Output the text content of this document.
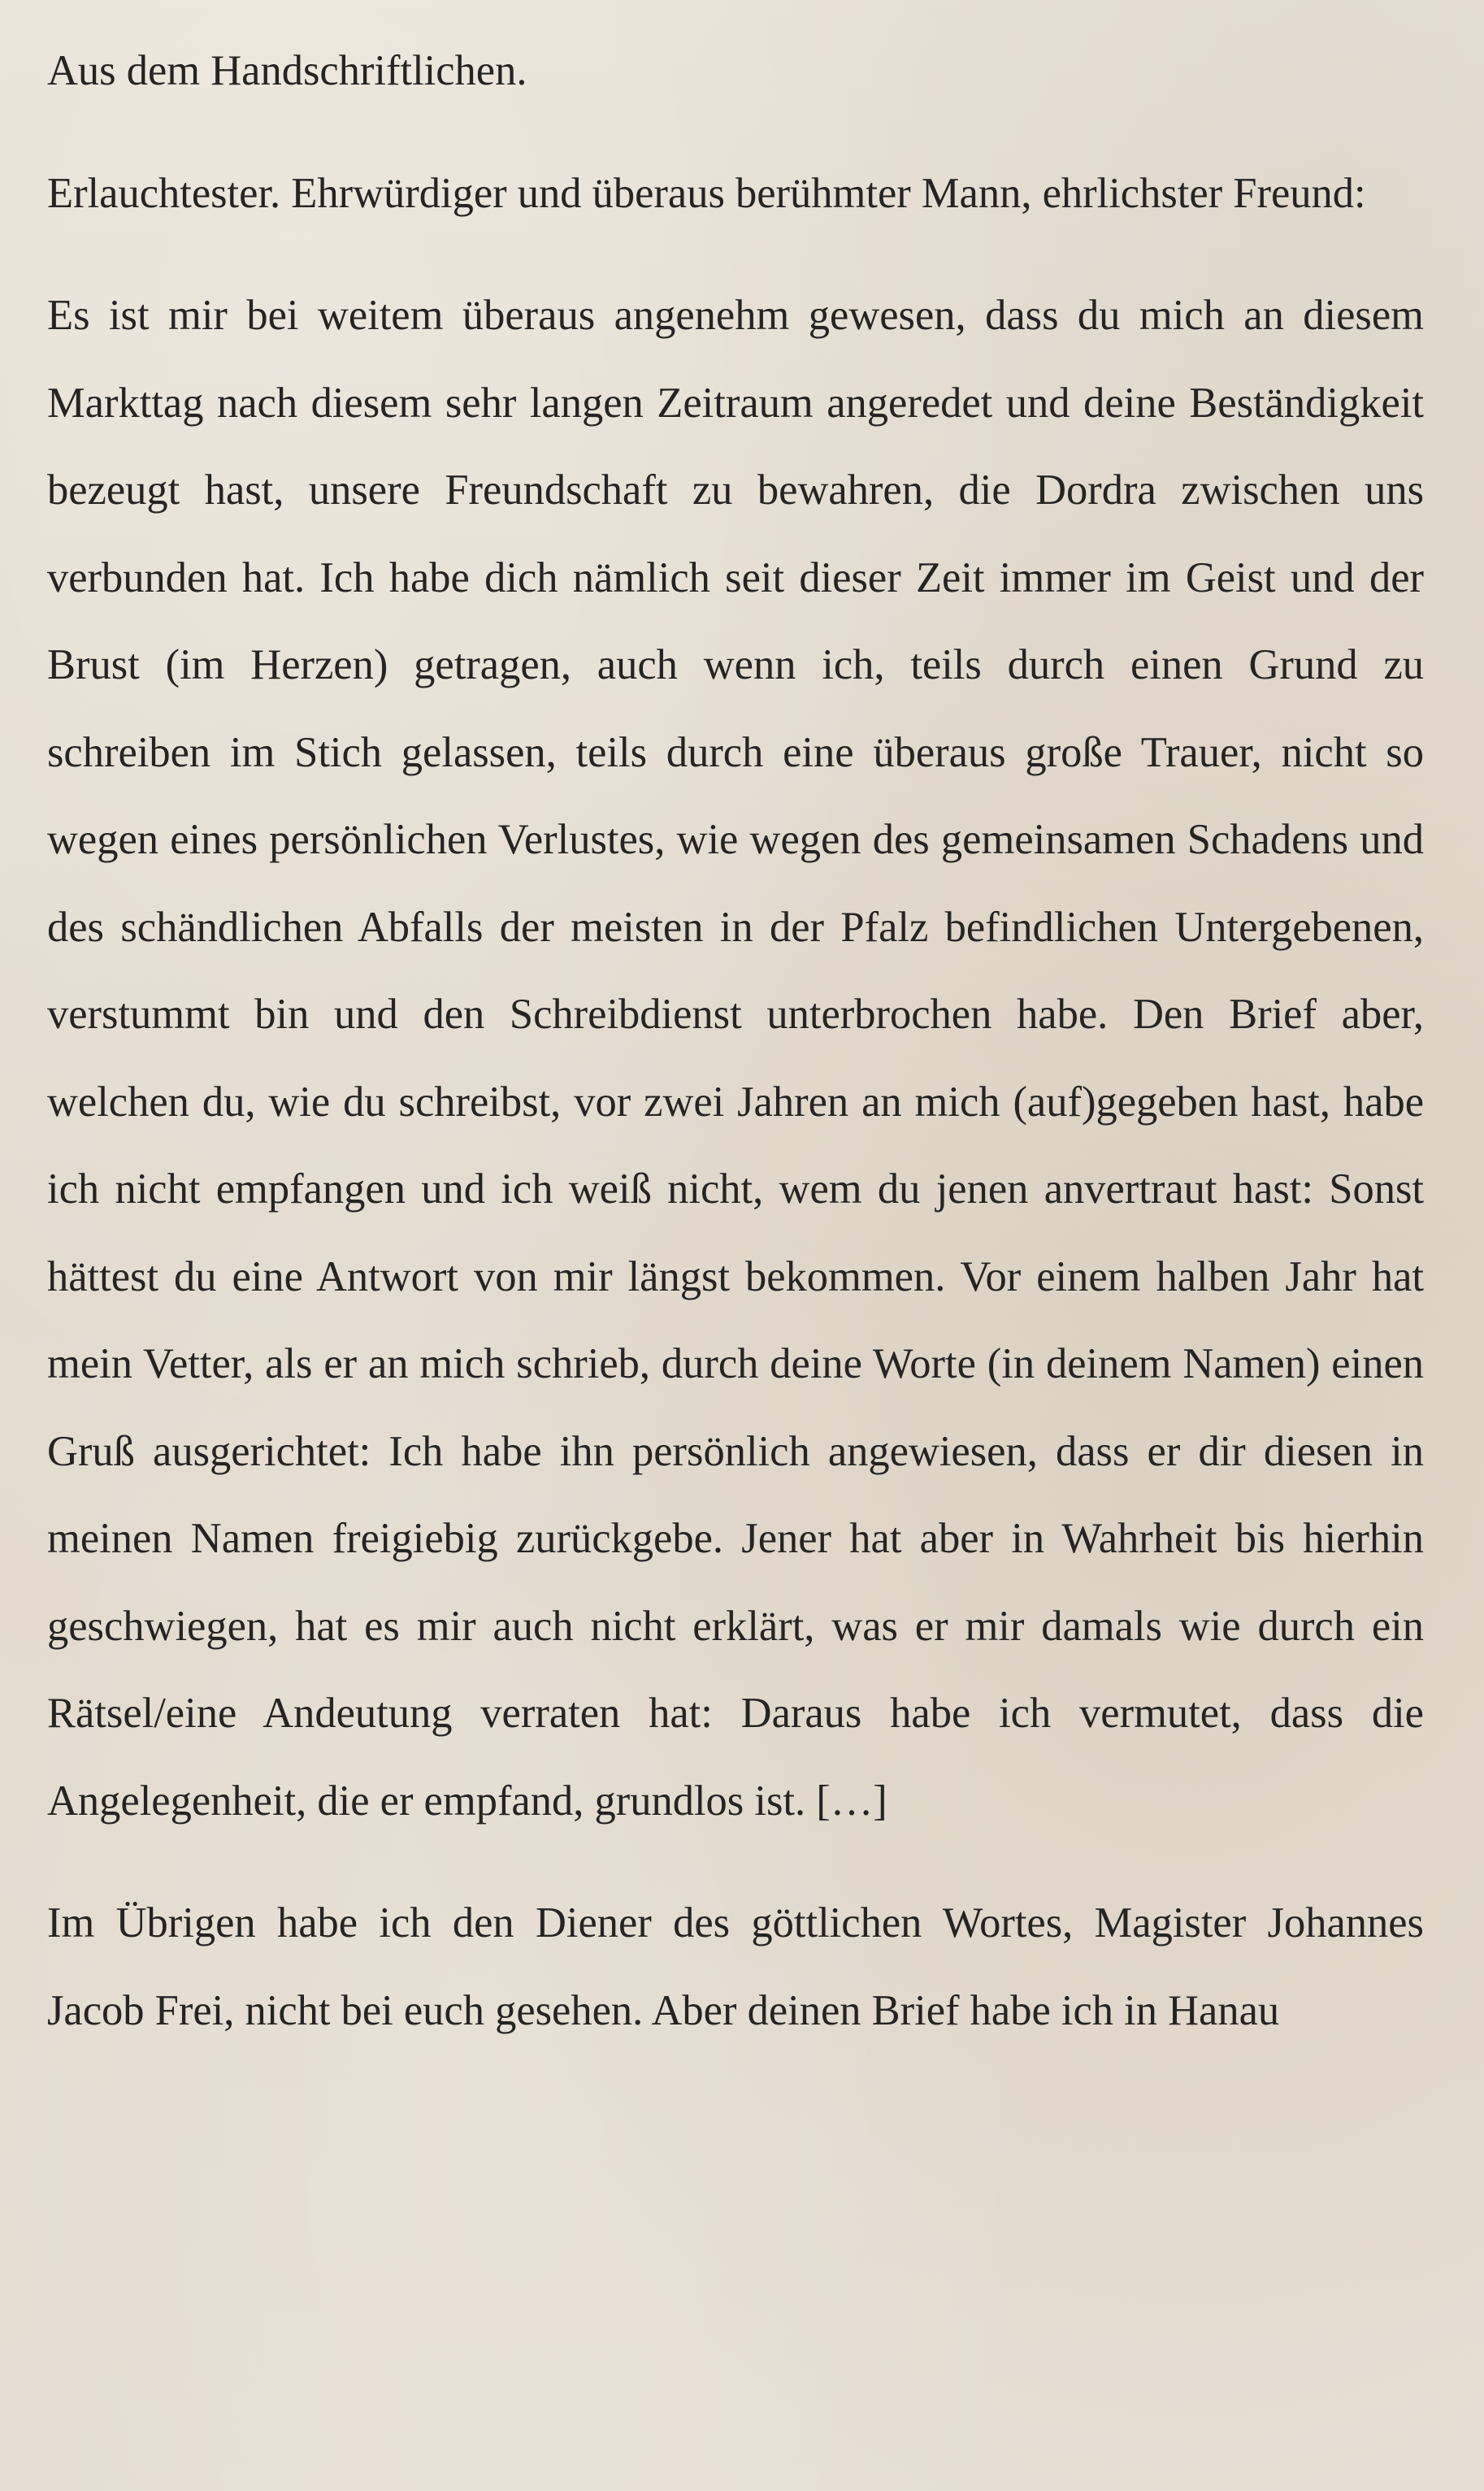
Aus dem Handschriftlichen.

Erlauchtester. Ehrwürdiger und überaus berühmter Mann, ehrlichster Freund:

Es ist mir bei weitem überaus angenehm gewesen, dass du mich an diesem Markttag nach diesem sehr langen Zeitraum angeredet und deine Beständigkeit bezeugt hast, unsere Freundschaft zu bewahren, die Dordra zwischen uns verbunden hat. Ich habe dich nämlich seit dieser Zeit immer im Geist und der Brust (im Herzen) getragen, auch wenn ich, teils durch einen Grund zu schreiben im Stich gelassen, teils durch eine überaus große Trauer, nicht so wegen eines persönlichen Verlustes, wie wegen des gemeinsamen Schadens und des schändlichen Abfalls der meisten in der Pfalz befindlichen Untergebenen, verstummt bin und den Schreibdienst unterbrochen habe. Den Brief aber, welchen du, wie du schreibst, vor zwei Jahren an mich (auf)gegeben hast, habe ich nicht empfangen und ich weiß nicht, wem du jenen anvertraut hast: Sonst hättest du eine Antwort von mir längst bekommen. Vor einem halben Jahr hat mein Vetter, als er an mich schrieb, durch deine Worte (in deinem Namen) einen Gruß ausgerichtet: Ich habe ihn persönlich angewiesen, dass er dir diesen in meinen Namen freigiebig zurückgebe. Jener hat aber in Wahrheit bis hierhin geschwiegen, hat es mir auch nicht erklärt, was er mir damals wie durch ein Rätsel/eine Andeutung verraten hat: Daraus habe ich vermutet, dass die Angelegenheit, die er empfand, grundlos ist. […]

Im Übrigen habe ich den Diener des göttlichen Wortes, Magister Johannes Jacob Frei, nicht bei euch gesehen. Aber deinen Brief habe ich in Hanau
